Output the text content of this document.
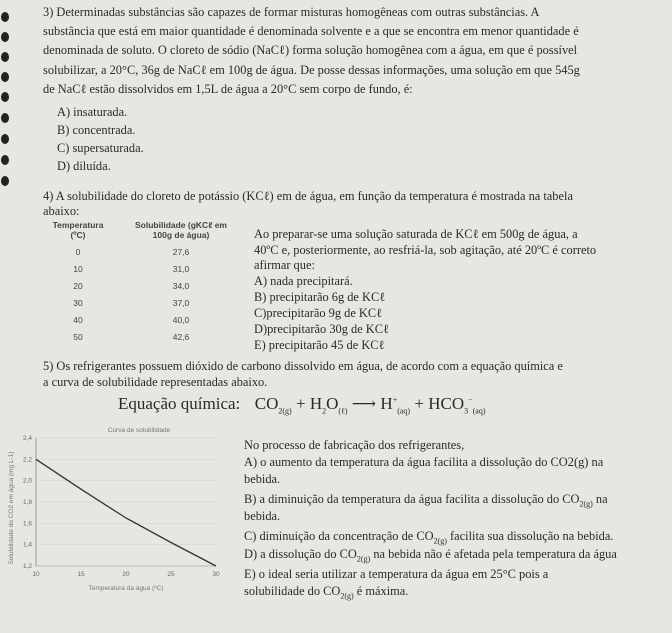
3) Determinadas substâncias são capazes de formar misturas homogêneas com outras substâncias. A
substância que está em maior quantidade é denominada solvente e a que se encontra em menor quantidade é
denominada de soluto. O cloreto de sódio (NaCℓ) forma solução homogênea com a água, em que é possível
solubilizar, a 20°C, 36g de NaCℓ em 100g de água. De posse dessas informações, uma solução em que 545g
de NaCℓ estão dissolvidos em 1,5L de água a 20°C sem corpo de fundo, é:
A) insaturada.
B) concentrada.
C) supersaturada.
D) diluída.
4) A solubilidade do cloreto de potássio (KCℓ) em de água, em função da temperatura é mostrada na tabela
abaixo:
Temperatura
(ºC)
Solubilidade (gKCℓ em
100g de água)
0	27,6
10	31,0
20	34,0
30	37,0
40	40,0
50	42,6
Ao preparar-se uma solução saturada de KCℓ em 500g de água, a
40ºC e, posteriormente, ao resfriá-la, sob agitação, até 20ºC é correto
afirmar que:
A) nada precipitará.
B) precipitarão 6g de KCℓ
C)precipitarão 9g de KCℓ
D)precipitarão 30g de KCℓ
E) precipitarão 45 de KCℓ
5) Os refrigerantes possuem dióxido de carbono dissolvido em água, de acordo com a equação química e
a curva de solubilidade representadas abaixo.
Equação química: $CO_{2(g)} + H_2O_{(\ell)}$ ⟶ $H^+_{(aq)} + HCO_3^-_{(aq)}$
2,4
2,2
2,0
1,8
1,6
1,4
1,2
10	15	20	25	30
Curva de solubilidade
Temperatura da água (ºC)
Solubilidade do CO2 em água (mg L-1)
No processo de fabricação dos refrigerantes,
A) o aumento da temperatura da água facilita a dissolução do CO2(g) na
bebida.
B) a diminuição da temperatura da água facilita a dissolução do $CO_{2(g)}$ na
bebida.
C) diminuição da concentração de $CO_{2(g)}$ facilita sua dissolução na bebida.
D) a dissolução do $CO_{2(g)}$ na bebida não é afetada pela temperatura da água
E) o ideal seria utilizar a temperatura da água em 25°C pois a
solubilidade do $CO_{2(g)}$ é máxima.
